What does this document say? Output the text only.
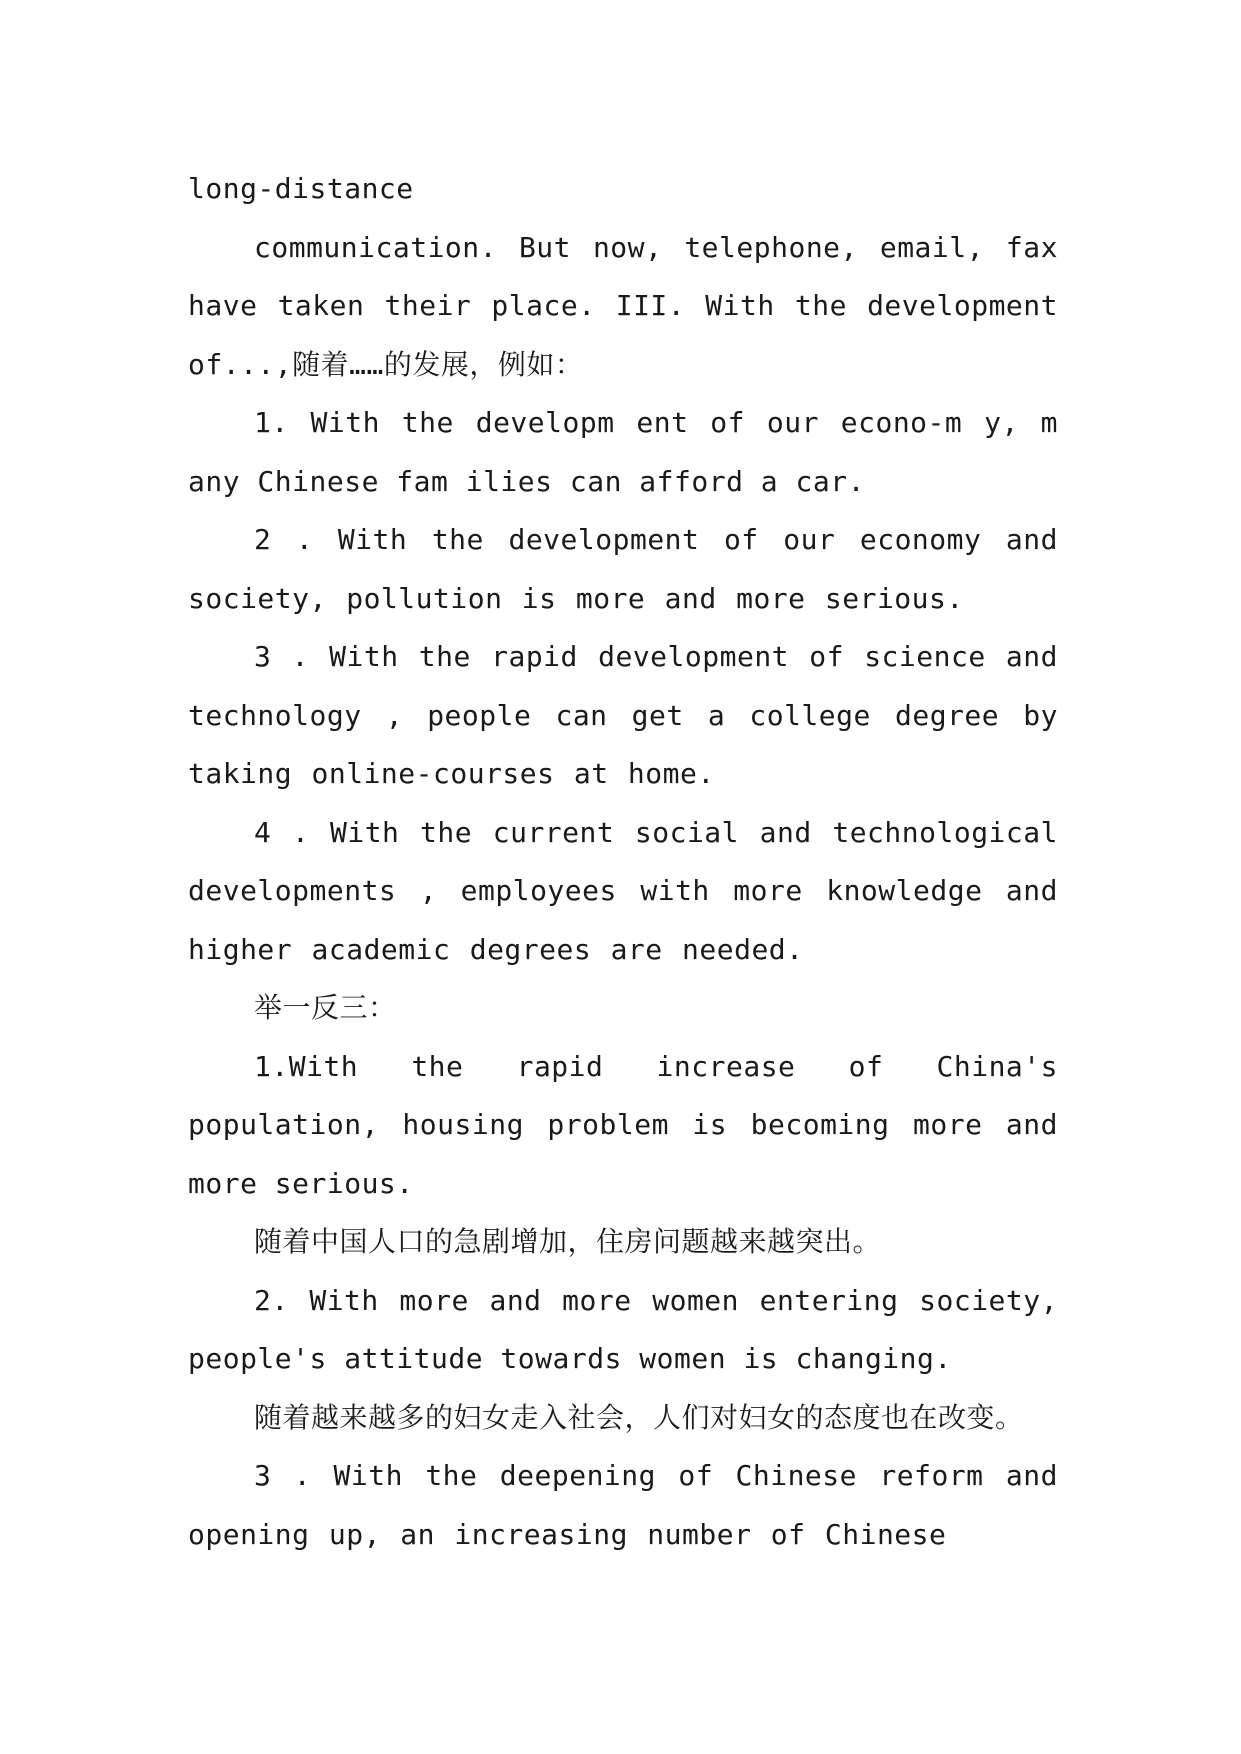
long-distance

communication. But now, telephone, email, fax have taken their place. III. With the development of...,随着……的发展，例如：

1. With the developm ent of our econo-m y, m any Chinese fam ilies can afford a car.

2 . With the development of our economy and society, pollution is more and more serious.

3 . With the rapid development of science and technology , people can get a college degree by taking online-courses at home.

4 . With the current social and technological developments , employees with more knowledge and higher academic degrees are needed.

举一反三：

1.With the rapid increase of China's population, housing problem is becoming more and more serious.

随着中国人口的急剧增加，住房问题越来越突出。

2. With more and more women entering society, people's attitude towards women is changing.

随着越来越多的妇女走入社会，人们对妇女的态度也在改变。

3 . With the deepening of Chinese reform and opening up, an increasing number of Chinese
